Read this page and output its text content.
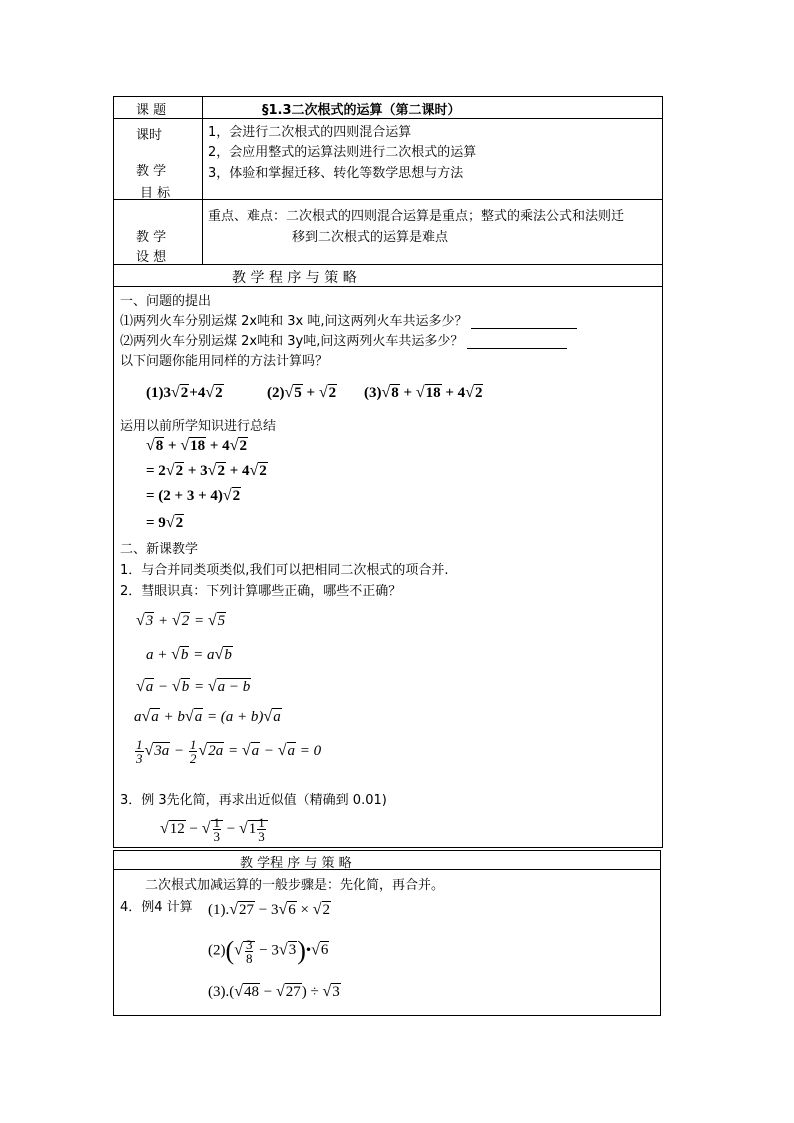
课 题	§1.3二次根式的运算（第二课时）
课时
教 学
目 标
1，会进行二次根式的四则混合运算
2，会应用整式的运算法则进行二次根式的运算
3，体验和掌握迁移、转化等数学思想与方法
教 学
设 想
重点、难点：二次根式的四则混合运算是重点；整式的乘法公式和法则迁
移到二次根式的运算是难点
教 学 程 序 与 策 略
一、问题的提出
⑴两列火车分别运煤 2x吨和 3x 吨,问这两列火车共运多少？
⑵两列火车分别运煤 2x吨和 3y吨,问这两列火车共运多少？
以下问题你能用同样的方法计算吗？
(1)3√2+4√2	(2)√5 + √2 (3)√8 + √18 + 4√2
运用以前所学知识进行总结
√8 + √18 + 4√2
= 2√2 + 3√2 + 4√2
= (2 + 3 + 4)√2
= 9√2
二、新课教学
1．与合并同类项类似,我们可以把相同二次根式的项合并.
2．彗眼识真：下列计算哪些正确，哪些不正确？
√3 + √2 = √5
a + √b = a√b
√a − √b = √a − b
a√a + b√a = (a + b)√a
$\frac{1}{3} √3a - \frac{1}{2} √2a = √a - √a = 0$
3．例 3先化简，再求出近似值（精确到 0.01)
√12 − √ $\frac{1}{3} - √1 \frac{1}{3}$
教 学程 序 与 策 略
二次根式加减运算的一般步骤是：先化简，再合并。
4．例4 计算 (1).√27 − 3√6 × √2
$(2)(√ \frac{3}{8}$ − 3√3)•√6
(3).(√48 − √27) ÷ √3
